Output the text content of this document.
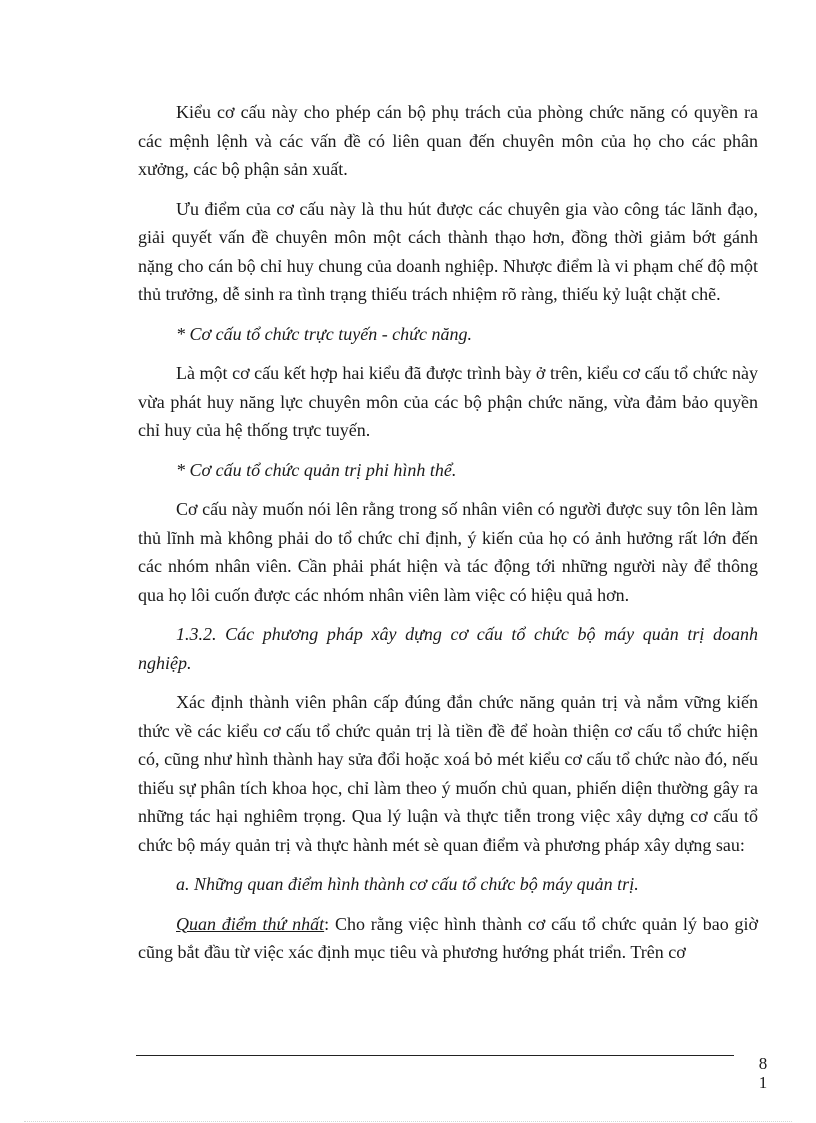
Kiểu cơ cấu này cho phép cán bộ phụ trách của phòng chức năng có quyền ra các mệnh lệnh và các vấn đề có liên quan đến chuyên môn của họ cho các phân xưởng, các bộ phận sản xuất.

Ưu điểm của cơ cấu này là thu hút được các chuyên gia vào công tác lãnh đạo, giải quyết vấn đề chuyên môn một cách thành thạo hơn, đồng thời giảm bớt gánh nặng cho cán bộ chỉ huy chung của doanh nghiệp. Nhược điểm là vi phạm chế độ một thủ trưởng, dễ sinh ra tình trạng thiếu trách nhiệm rõ ràng, thiếu kỷ luật chặt chẽ.

* Cơ cấu tổ chức trực tuyến - chức năng.

Là một cơ cấu kết hợp hai kiểu đã được trình bày ở trên, kiểu cơ cấu tổ chức này vừa phát huy năng lực chuyên môn của các bộ phận chức năng, vừa đảm bảo quyền chỉ huy của hệ thống trực tuyến.

* Cơ cấu tổ chức quản trị phi hình thể.

Cơ cấu này muốn nói lên rằng trong số nhân viên có người được suy tôn lên làm thủ lĩnh mà không phải do tổ chức chỉ định, ý kiến của họ có ảnh hưởng rất lớn đến các nhóm nhân viên. Cần phải phát hiện và tác động tới những người này để thông qua họ lôi cuốn được các nhóm nhân viên làm việc có hiệu quả hơn.

1.3.2. Các phương pháp xây dựng cơ cấu tổ chức bộ máy quản trị doanh nghiệp.

Xác định thành viên phân cấp đúng đắn chức năng quản trị và nắm vững kiến thức về các kiểu cơ cấu tổ chức quản trị là tiền đề để hoàn thiện cơ cấu tổ chức hiện có, cũng như hình thành hay sửa đổi hoặc xoá bỏ mét kiểu cơ cấu tổ chức nào đó, nếu thiếu sự phân tích khoa học, chỉ làm theo ý muốn chủ quan, phiến diện thường gây ra những tác hại nghiêm trọng. Qua lý luận và thực tiễn trong việc xây dựng cơ cấu tổ chức bộ máy quản trị và thực hành mét sè quan điểm và phương pháp xây dựng sau:

a. Những quan điểm hình thành cơ cấu tổ chức bộ máy quản trị.

Quan điểm thứ nhất: Cho rằng việc hình thành cơ cấu tổ chức quản lý bao giờ cũng bắt đầu từ việc xác định mục tiêu và phương hướng phát triển. Trên cơ

81
